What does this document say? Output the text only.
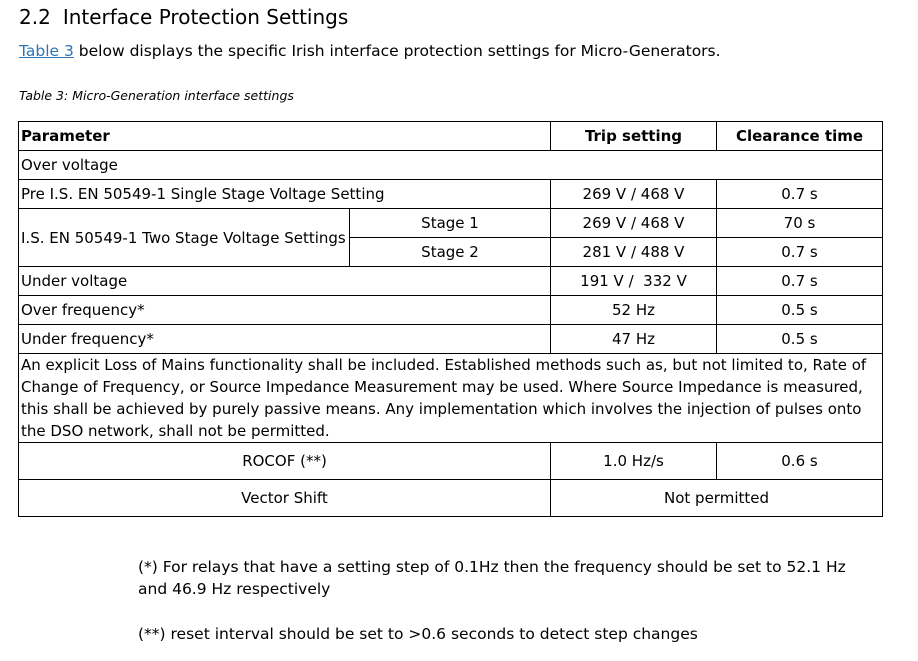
2.2 Interface Protection Settings
Table 3 below displays the specific Irish interface protection settings for Micro-Generators.
Table 3: Micro-Generation interface settings
Parameter		Trip setting	Clearance time
Over voltage			
Pre I.S. EN 50549-1 Single Stage Voltage Setting		269 V / 468 V	0.7 s
I.S. EN 50549-1 Two Stage Voltage Settings	Stage 1	269 V / 468 V	70 s
	Stage 2	281 V / 488 V	0.7 s
Under voltage		191 V /  332 V	0.7 s
Over frequency*		52 Hz	0.5 s
Under frequency*		47 Hz	0.5 s
An explicit Loss of Mains functionality shall be included. Established methods such as, but not limited to, Rate of Change of Frequency, or Source Impedance Measurement may be used. Where Source Impedance is measured, this shall be achieved by purely passive means. Any implementation which involves the injection of pulses onto the DSO network, shall not be permitted.			
ROCOF (**)		1.0 Hz/s	0.6 s
Vector Shift		Not permitted	
(*) For relays that have a setting step of 0.1Hz then the frequency should be set to 52.1 Hz and 46.9 Hz respectively
(**) reset interval should be set to >0.6 seconds to detect step changes
